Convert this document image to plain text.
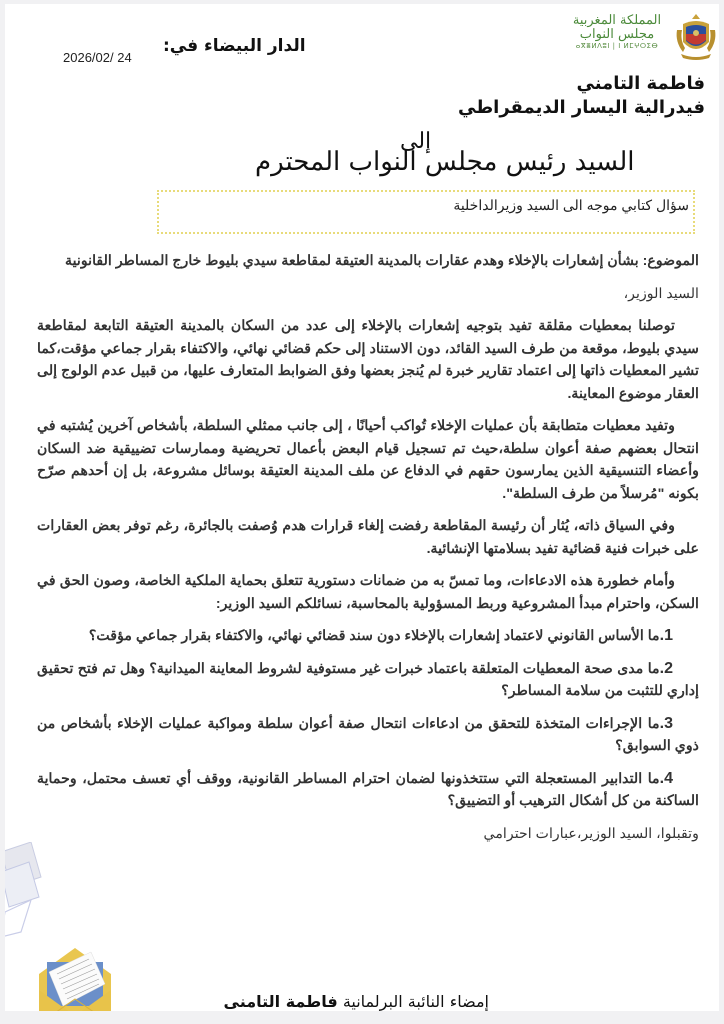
الدار البيضاء في:
2026/02/ 24
المملكة المغربية
مجلس النواب
ⴰⴳⴻⵍⴷⵓⵏ | ⵏ ⵍⵎⵖⵔⵉⴱ
فاطمة التامني
فيدرالية اليسار الديمقراطي
إلى
السيد رئيس مجلس النواب المحترم
سؤال كتابي موجه الى السيد وزيرالداخلية

الموضوع: بشأن إشعارات بالإخلاء وهدم عقارات بالمدينة العتيقة لمقاطعة سيدي بليوط خارج المساطر القانونية

السيد الوزير،

توصلنا بمعطيات مقلقة تفيد بتوجيه إشعارات بالإخلاء إلى عدد من السكان بالمدينة العتيقة التابعة لمقاطعة سيدي بليوط، موقعة من طرف السيد القائد، دون الاستناد إلى حكم قضائي نهائي، والاكتفاء بقرار جماعي مؤقت،كما تشير المعطيات ذاتها إلى اعتماد تقارير خبرة لم يُنجز بعضها وفق الضوابط المتعارف عليها، من قبيل عدم الولوج إلى العقار موضوع المعاينة.

وتفيد معطيات متطابقة بأن عمليات الإخلاء تُواكب أحيانًا ، إلى جانب ممثلي السلطة، بأشخاص آخرين يُشتبه في انتحال بعضهم صفة أعوان سلطة،حيث تم تسجيل قيام البعض بأعمال تحريضية وممارسات تضييقية ضد السكان وأعضاء التنسيقية الذين يمارسون حقهم في الدفاع عن ملف المدينة العتيقة بوسائل مشروعة، بل إن أحدهم صرّح بكونه "مُرسلاً من طرف السلطة".

وفي السياق ذاته، يُثار أن رئيسة المقاطعة رفضت إلغاء قرارات هدم وُصفت بالجائرة، رغم توفر بعض العقارات على خبرات فنية قضائية تفيد بسلامتها الإنشائية.

وأمام خطورة هذه الادعاءات، وما تمسّ به من ضمانات دستورية تتعلق بحماية الملكية الخاصة، وصون الحق في السكن، واحترام مبدأ المشروعية وربط المسؤولية بالمحاسبة، نسائلكم السيد الوزير:

1.ما الأساس القانوني لاعتماد إشعارات بالإخلاء دون سند قضائي نهائي، والاكتفاء بقرار جماعي مؤقت؟

2.ما مدى صحة المعطيات المتعلقة باعتماد خبرات غير مستوفية لشروط المعاينة الميدانية؟ وهل تم فتح تحقيق إداري للتثبت من سلامة المساطر؟

3.ما الإجراءات المتخذة للتحقق من ادعاءات انتحال صفة أعوان سلطة ومواكبة عمليات الإخلاء بأشخاص من ذوي السوابق؟

4.ما التدابير المستعجلة التي ستتخذونها لضمان احترام المساطر القانونية، ووقف أي تعسف محتمل، وحماية الساكنة من كل أشكال الترهيب أو التضييق؟

وتقبلوا، السيد الوزير،عبارات احترامي

إمضاء النائبة البرلمانية فاطمة التامنى
